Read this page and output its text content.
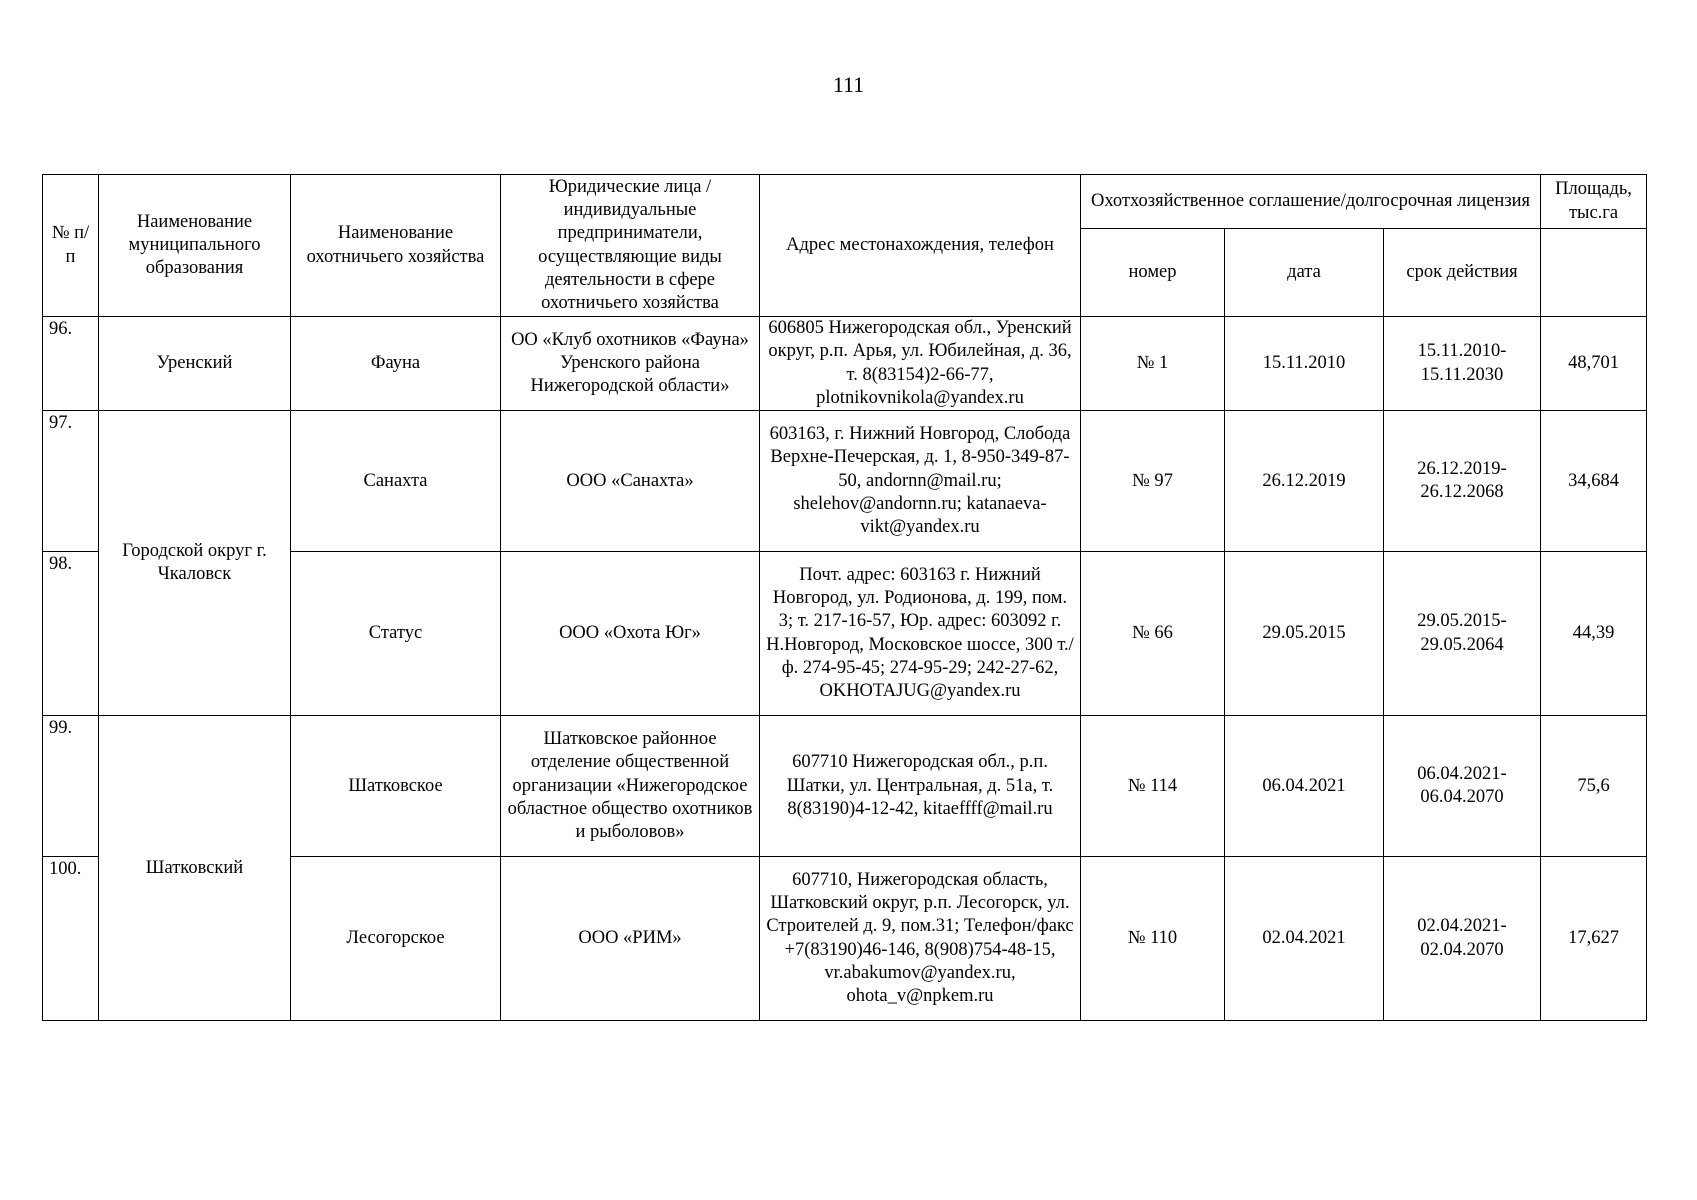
111
№ п/п	Наименование муниципального образования	Наименование охотничьего хозяйства	Юридические лица / индивидуальные предприниматели, осуществляющие виды деятельности в сфере охотничьего хозяйства	Адрес местонахождения, телефон	Охотхозяйственное соглашение/долгосрочная лицензия			Площадь, тыс.га
					номер	дата	срок действия	
96.	Уренский	Фауна	ОО «Клуб охотников «Фауна» Уренского района Нижегородской области»	606805 Нижегородская обл., Уренский округ, р.п. Арья, ул. Юбилейная, д. 36, т. 8(83154)2-66-77, plotnikovnikola@yandex.ru	№ 1	15.11.2010	15.11.2010-15.11.2030	48,701
97.	Городской округ г. Чкаловск	Санахта	ООО «Санахта»	603163, г. Нижний Новгород, Слобода Верхне-Печерская, д. 1, 8-950-349-87-50, andornn@mail.ru; shelehov@andornn.ru; katanaeva-vikt@yandex.ru	№ 97	26.12.2019	26.12.2019-26.12.2068	34,684
98.		Статус	ООО «Охота Юг»	Почт. адрес: 603163 г. Нижний Новгород, ул. Родионова, д. 199, пом. 3; т. 217-16-57, Юр. адрес: 603092 г. Н.Новгород, Московское шоссе, 300 т./ф. 274-95-45; 274-95-29; 242-27-62, OKHOTAJUG@yandex.ru	№ 66	29.05.2015	29.05.2015-29.05.2064	44,39
99.	Шатковский	Шатковское	Шатковское районное отделение общественной организации «Нижегородское областное общество охотников и рыболовов»	607710 Нижегородская обл., р.п. Шатки, ул. Центральная, д. 51а, т. 8(83190)4-12-42, kitaeffff@mail.ru	№ 114	06.04.2021	06.04.2021-06.04.2070	75,6
100.		Лесогорское	ООО «РИМ»	607710, Нижегородская область, Шатковский округ, р.п. Лесогорск, ул. Строителей д. 9, пом.31; Телефон/факс +7(83190)46-146, 8(908)754-48-15, vr.abakumov@yandex.ru, ohota_v@npkem.ru	№ 110	02.04.2021	02.04.2021-02.04.2070	17,627
